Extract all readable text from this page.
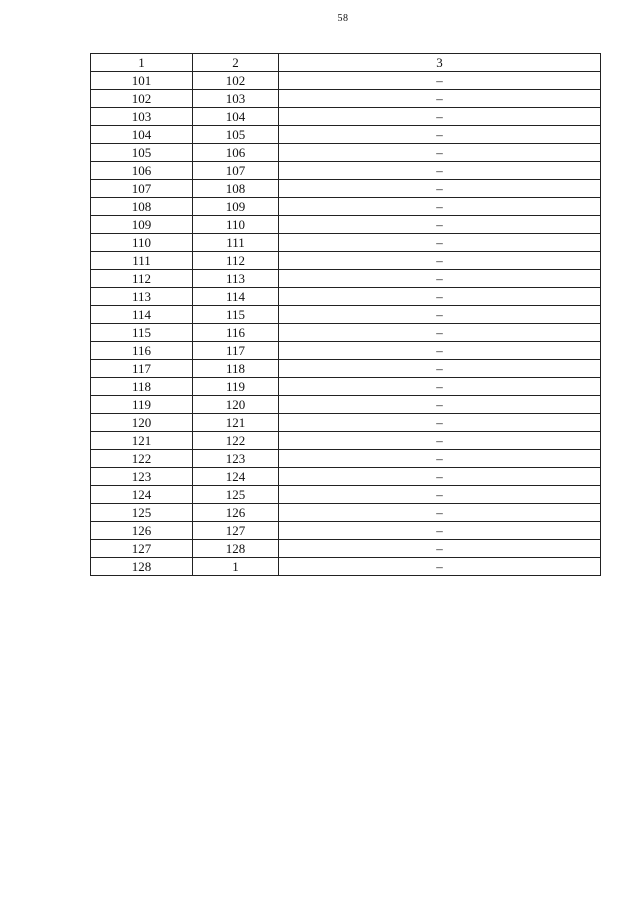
58
1	2	3
101	102	–
102	103	–
103	104	–
104	105	–
105	106	–
106	107	–
107	108	–
108	109	–
109	110	–
110	111	–
111	112	–
112	113	–
113	114	–
114	115	–
115	116	–
116	117	–
117	118	–
118	119	–
119	120	–
120	121	–
121	122	–
122	123	–
123	124	–
124	125	–
125	126	–
126	127	–
127	128	–
128	1	–
